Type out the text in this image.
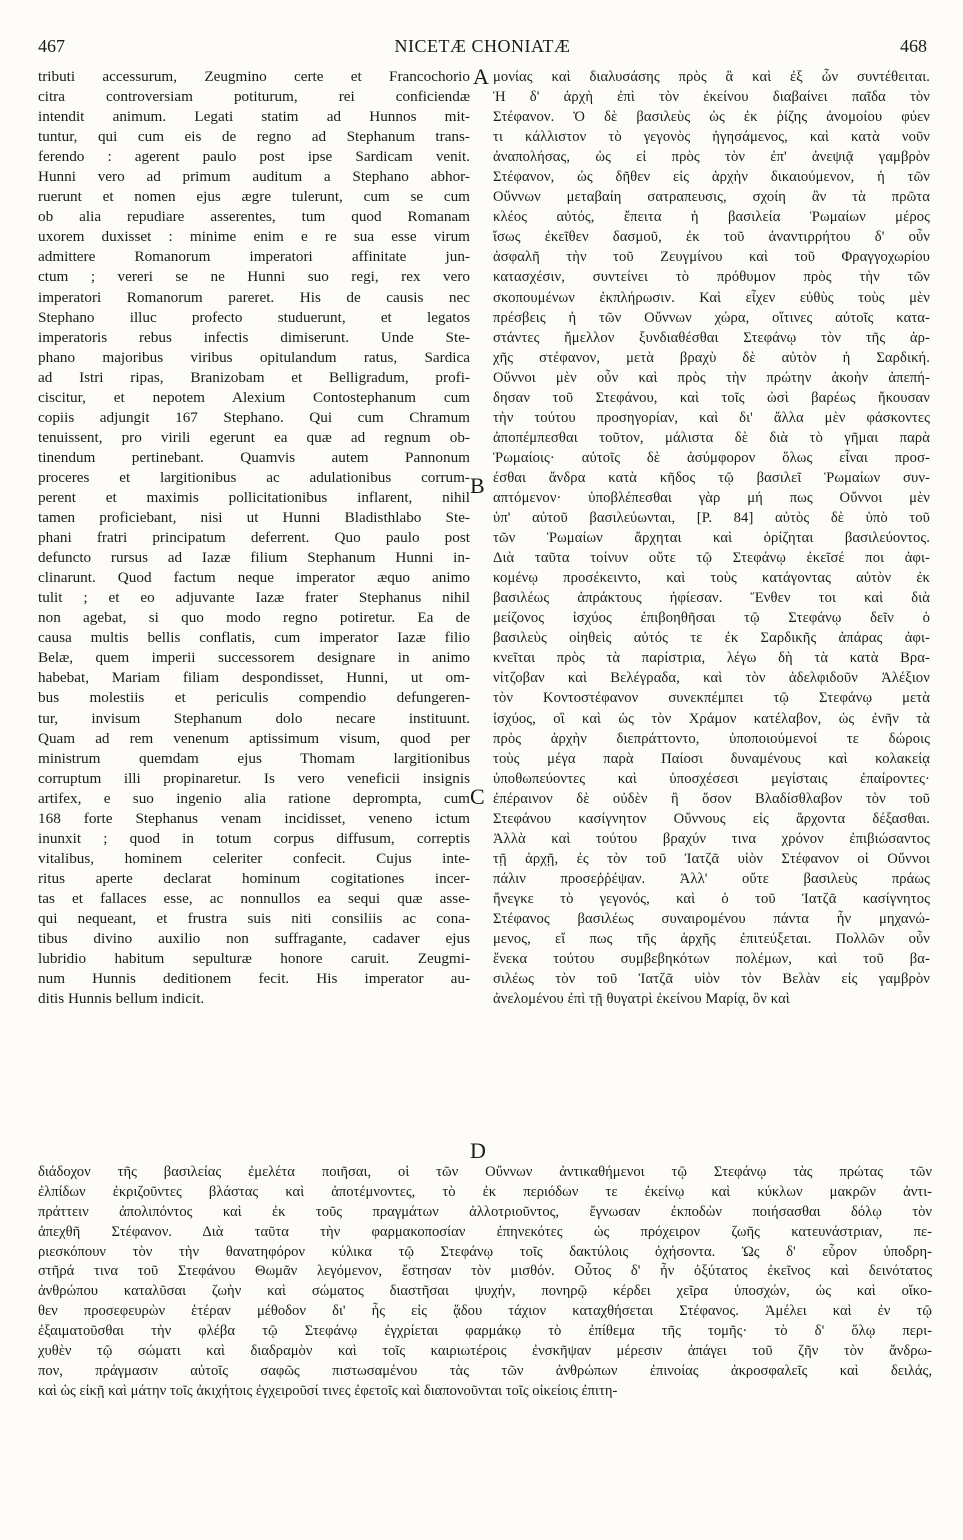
467	NICETÆ CHONIATÆ	468
A
B
C
D
tributi accessurum, Zeugmino certe et Francochorio
citra controversiam potiturum, rei conficiendæ
intendit animum. Legati statim ad Hunnos mit-
tuntur, qui cum eis de regno ad Stephanum trans-
ferendo : agerent paulo post ipse Sardicam venit.
Hunni vero ad primum auditum a Stephano abhor-
ruerunt et nomen ejus ægre tulerunt, cum se cum
ob alia repudiare asserentes, tum quod Romanam
uxorem duxisset : minime enim e re sua esse virum
admittere Romanorum imperatori affinitate jun-
ctum ; vereri se ne Hunni suo regi, rex vero
imperatori Romanorum pareret. His de causis nec
Stephano illuc profecto studuerunt, et legatos
imperatoris rebus infectis dimiserunt. Unde Ste-
phano majoribus viribus opitulandum ratus, Sardica
ad Istri ripas, Branizobam et Belligradum, profi-
ciscitur, et nepotem Alexium Contostephanum cum
copiis adjungit 167 Stephano. Qui cum Chramum
tenuissent, pro virili egerunt ea quæ ad regnum ob-
tinendum pertinebant. Quamvis autem Pannonum
proceres et largitionibus ac adulationibus corrum-
perent et maximis pollicitationibus inflarent, nihil
tamen proficiebant, nisi ut Hunni Bladisthlabo Ste-
phani fratri principatum deferrent. Quo paulo post
defuncto rursus ad Iazæ filium Stephanum Hunni in-
clinarunt. Quod factum neque imperator æquo animo
tulit ; et eo adjuvante Iazæ frater Stephanus nihil
non agebat, si quo modo regno potiretur. Ea de
causa multis bellis conflatis, cum imperator Iazæ filio
Belæ, quem imperii successorem designare in animo
habebat, Mariam filiam despondisset, Hunni, ut om-
bus molestiis et periculis compendio defungeren-
tur, invisum Stephanum dolo necare instituunt.
Quam ad rem venenum aptissimum visum, quod per
ministrum quemdam ejus Thomam largitionibus
corruptum illi propinaretur. Is vero veneficii insignis
artifex, e suo ingenio alia ratione deprompta, cum
168 forte Stephanus venam incidisset, veneno ictum
inunxit ; quod in totum corpus diffusum, correptis
vitalibus, hominem celeriter confecit. Cujus inte-
ritus aperte declarat hominum cogitationes incer-
tas et fallaces esse, ac nonnullos ea sequi quæ asse-
qui nequeant, et frustra suis niti consiliis ac cona-
tibus divino auxilio non suffragante, cadaver ejus
lubridio habitum sepulturæ honore caruit. Zeugmi-
num Hunnis deditionem fecit. His imperator au-
ditis Hunnis bellum indicit.
μονίας καὶ διαλυσάσης πρὸς ἃ καὶ ἐξ ὧν συντέθειται.
Ἡ δ' ἀρχὴ ἐπὶ τὸν ἐκείνου διαβαίνει παῖδα τὸν
Στέφανον. Ὁ δὲ βασιλεὺς ὡς ἐκ ῥίζης ἀνομοίου φύεν
τι κάλλιστον τὸ γεγονὸς ἡγησάμενος, καὶ κατὰ νοῦν
ἀναπολήσας, ὡς εἰ πρὸς τὸν ἐπ' ἀνεψιᾷ γαμβρὸν
Στέφανον, ὡς δῆθεν εἰς ἀρχὴν δικαιούμενον, ἡ τῶν
Οὔννων μεταβαίη σατραπευσις, σχοίη ἂν τὰ πρῶτα
κλέος αὐτός, ἔπειτα ἡ βασιλεία Ῥωμαίων μέρος
ἴσως ἐκεῖθεν δασμοῦ, ἐκ τοῦ ἀναντιρρήτου δ' οὖν
ἀσφαλῆ τὴν τοῦ Ζευγμίνου καὶ τοῦ Φραγγοχωρίου
κατασχέσιν, συντείνει τὸ πρόθυμον πρὸς τὴν τῶν
σκοπουμένων ἐκπλήρωσιν. Καὶ εἶχεν εὐθὺς τοὺς μὲν
πρέσβεις ἡ τῶν Οὔννων χώρα, οἵτινες αὐτοῖς κατα-
στάντες ἤμελλον ξυνδιαθέσθαι Στεφάνῳ τὸν τῆς ἀρ-
χῆς στέφανον, μετὰ βραχὺ δὲ αὐτὸν ἡ Σαρδική.
Οὔννοι μὲν οὖν καὶ πρὸς τὴν πρώτην ἀκοὴν ἀπεπή-
δησαν τοῦ Στεφάνου, καὶ τοῖς ὠσὶ βαρέως ἤκουσαν
τὴν τούτου προσηγορίαν, καὶ δι' ἄλλα μὲν φάσκοντες
ἀποπέμπεσθαι τοῦτον, μάλιστα δὲ διὰ τὸ γῆμαι παρὰ
Ῥωμαίοις· αὐτοῖς δὲ ἀσύμφορον ὅλως εἶναι προσ-
έσθαι ἄνδρα κατὰ κῆδος τῷ βασιλεῖ Ῥωμαίων συν-
απτόμενον· ὑποβλέπεσθαι γὰρ μή πως Οὔννοι μὲν
ὑπ' αὐτοῦ βασιλεύωνται, [P. 84] αὐτὸς δὲ ὑπὸ τοῦ
τῶν Ῥωμαίων ἄρχηται καὶ ὁρίζηται βασιλεύοντος.
Διὰ ταῦτα τοίνυν οὔτε τῷ Στεφάνῳ ἐκεῖσέ ποι ἀφι-
κομένῳ προσέκειντο, καὶ τοὺς κατάγοντας αὐτὸν ἐκ
βασιλέως ἀπράκτους ἠφίεσαν. Ἔνθεν τοι καὶ διὰ
μείζονος ἰσχύος ἐπιβοηθῆσαι τῷ Στεφάνῳ δεῖν ὁ
βασιλεὺς οἰηθεὶς αὐτός τε ἐκ Σαρδικῆς ἀπάρας ἀφι-
κνεῖται πρὸς τὰ παρίστρια, λέγω δὴ τὰ κατὰ Βρα-
νίτζοβαν καὶ Βελέγραδα, καὶ τὸν ἀδελφιδοῦν Ἀλέξιον
τὸν Κοντοστέφανον συνεκπέμπει τῷ Στεφάνῳ μετὰ
ἰσχύος, οἳ καὶ ὡς τὸν Χράμον κατέλαβον, ὡς ἐνῆν τὰ
πρὸς ἀρχὴν διεπράττοντο, ὑποποιούμενοί τε δώροις
τοὺς μέγα παρὰ Παίοσι δυναμένους καὶ κολακείᾳ
ὑποθωπεύοντες καὶ ὑποσχέσεσι μεγίσταις ἐπαίροντες·
ἐπέραινον δὲ οὐδὲν ἢ ὅσον Βλαδίσθλαβον τὸν τοῦ
Στεφάνου κασίγνητον Οὔννους εἰς ἄρχοντα δέξασθαι.
Ἀλλὰ καὶ τούτου βραχύν τινα χρόνον ἐπιβιώσαντος
τῇ ἀρχῇ, ἐς τὸν τοῦ Ἰατζᾶ υἱὸν Στέφανον οἱ Οὔννοι
πάλιν προσεῤῥέψαν. Ἀλλ' οὔτε βασιλεὺς πράως
ἤνεγκε τὸ γεγονός, καὶ ὁ τοῦ Ἰατζᾶ κασίγνητος
Στέφανος βασιλέως συναιρομένου πάντα ἦν μηχανώ-
μενος, εἴ πως τῆς ἀρχῆς ἐπιτεύξεται. Πολλῶν οὖν
ἕνεκα τούτου συμβεβηκότων πολέμων, καὶ τοῦ βα-
σιλέως τὸν τοῦ Ἰατζᾶ υἱὸν τὸν Βελὰν εἰς γαμβρὸν
ἀνελομένου ἐπὶ τῇ θυγατρὶ ἐκείνου Μαρίᾳ, ὃν καὶ
διάδοχον τῆς βασιλείας ἐμελέτα ποιῆσαι, οἱ τῶν Οὔννων ἀντικαθήμενοι τῷ Στεφάνῳ τὰς πρώτας τῶν
ἐλπίδων ἐκριζοῦντες βλάστας καὶ ἀποτέμνοντες, τὸ ἐκ περιόδων τε ἐκείνῳ καὶ κύκλων μακρῶν ἀντι-
πράττειν ἀπολιπόντος καὶ ἐκ τοῦς πραγμάτων ἀλλοτριοῦντος, ἔγνωσαν ἐκποδὼν ποιήσασθαι δόλῳ τὸν
ἀπεχθῆ Στέφανον. Διὰ ταῦτα τὴν φαρμακοποσίαν ἐπηνεκότες ὡς πρόχειρον ζωῆς κατευνάστριαν, πε-
ριεσκόπουν τὸν τὴν θανατηφόρον κύλικα τῷ Στεφάνῳ τοῖς δακτύλοις ὀχήσοντα. Ὡς δ' εὗρον ὑποδρη-
στῆρά τινα τοῦ Στεφάνου Θωμᾶν λεγόμενον, ἔστησαν τὸν μισθόν. Οὗτος δ' ἦν ὀξύτατος ἐκεῖνος καὶ δεινότατος
ἀνθρώπου καταλῦσαι ζωὴν καὶ σώματος διαστῆσαι ψυχήν, πονηρῷ κέρδει χεῖρα ὑποσχών, ὡς καὶ οἴκο-
θεν προσεφευρὼν ἑτέραν μέθοδον δι' ἧς εἰς ᾅδου τάχιον καταχθήσεται Στέφανος. Ἀμέλει καὶ ἐν τῷ
ἐξαιματοῦσθαι τὴν φλέβα τῷ Στεφάνῳ ἐγχρίεται φαρμάκῳ τὸ ἐπίθεμα τῆς τομῆς· τὸ δ' ὅλῳ περι-
χυθὲν τῷ σώματι καὶ διαδραμὸν καὶ τοῖς καιριωτέροις ἐνσκῆψαν μέρεσιν ἀπάγει τοῦ ζῆν τὸν ἄνδρω-
πον, πράγμασιν αὐτοῖς σαφῶς πιστωσαμένου τὰς τῶν ἀνθρώπων ἐπινοίας ἀκροσφαλεῖς καὶ δειλάς,
καὶ ὡς εἰκῇ καὶ μάτην τοῖς ἀκιχήτοις ἐγχειροῦσί τινες ἐφετοῖς καὶ διαπονοῦνται τοῖς οἰκείοις ἐπιτη-
